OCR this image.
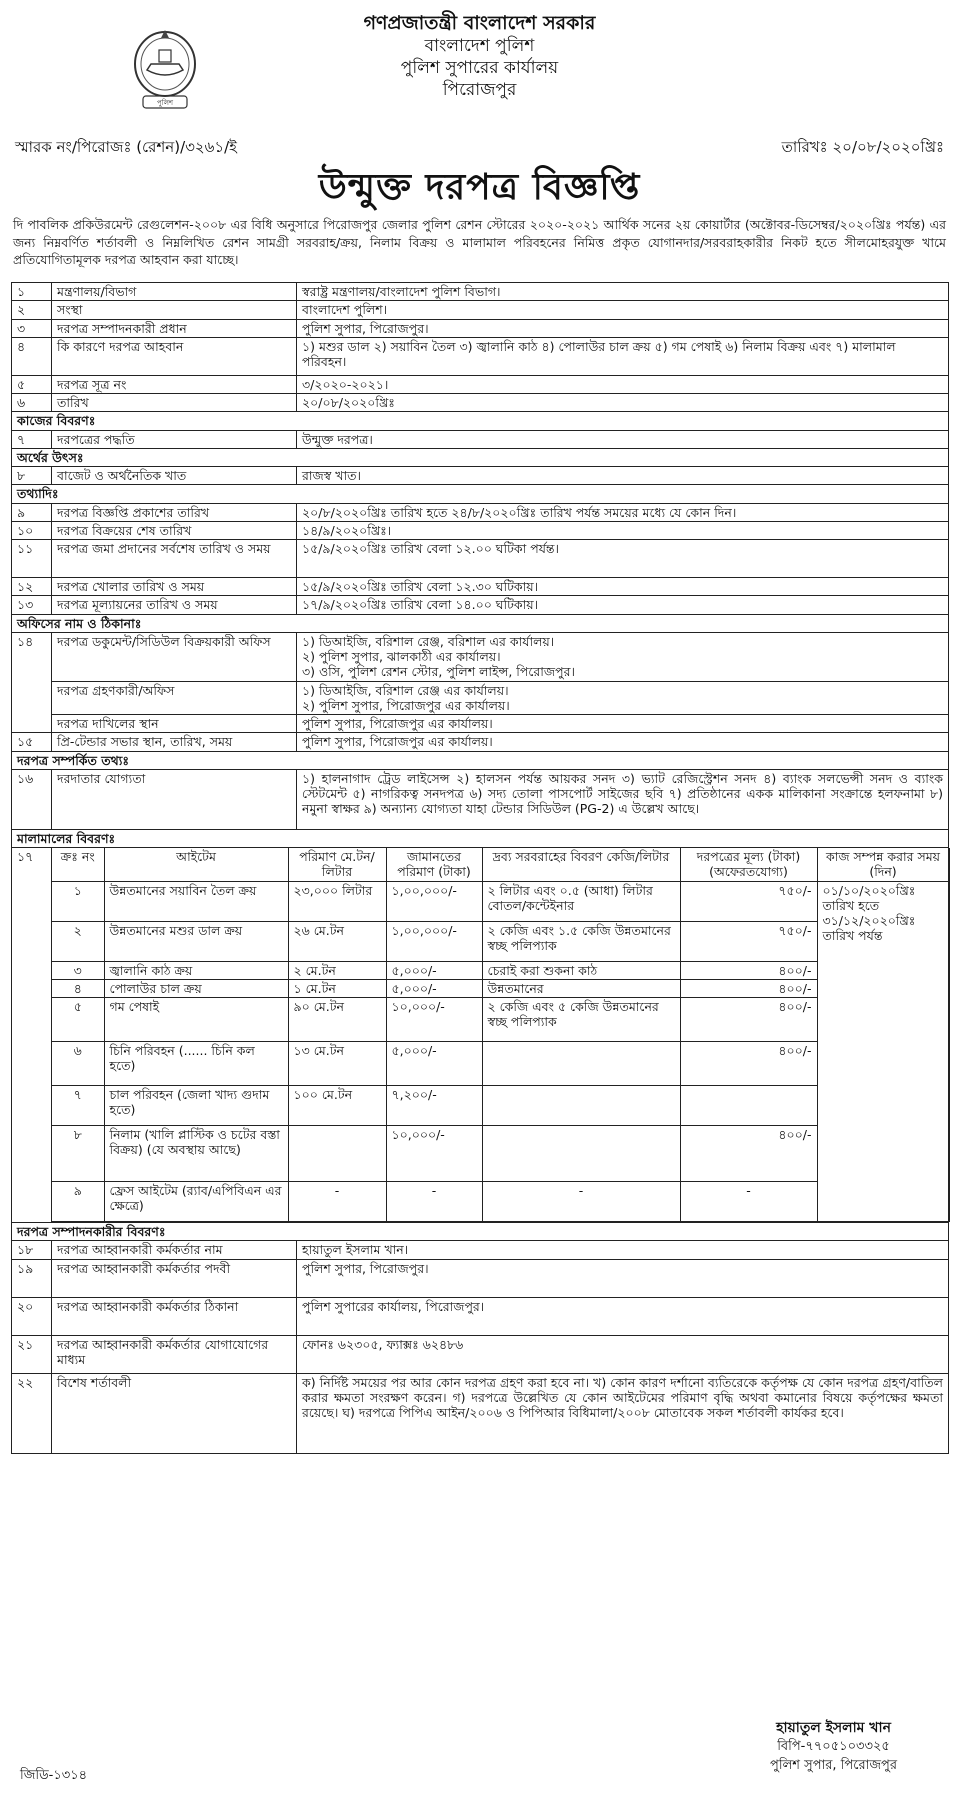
পুলিশ
গণপ্রজাতন্ত্রী বাংলাদেশ সরকার
বাংলাদেশ পুলিশ
পুলিশ সুপারের কার্যালয়
পিরোজপুর
স্মারক নং/পিরোজঃ (রেশন)/৩২৬১/ই	তারিখঃ ২০/০৮/২০২০খ্রিঃ
উন্মুক্ত দরপত্র বিজ্ঞপ্তি
দি পাবলিক প্রকিউরমেন্ট রেগুলেশন-২০০৮ এর বিধি অনুসারে পিরোজপুর জেলার পুলিশ রেশন স্টোরের ২০২০-২০২১ আর্থিক সনের ২য় কোয়ার্টার (অক্টোবর-ডিসেম্বর/২০২০খ্রিঃ পর্যন্ত) এর জন্য নিম্নবর্ণিত শর্তাবলী ও নিম্নলিখিত রেশন সামগ্রী সরবরাহ/ক্রয়, নিলাম বিক্রয় ও মালামাল পরিবহনের নিমিত্ত প্রকৃত যোগানদার/সরবরাহকারীর নিকট হতে সীলমোহরযুক্ত খামে প্রতিযোগিতামূলক দরপত্র আহবান করা যাচ্ছে।
১	মন্ত্রণালয়/বিভাগ	স্বরাষ্ট্র মন্ত্রণালয়/বাংলাদেশ পুলিশ বিভাগ।
২	সংস্থা	বাংলাদেশ পুলিশ।
৩	দরপত্র সম্পাদনকারী প্রধান	পুলিশ সুপার, পিরোজপুর।
৪	কি কারণে দরপত্র আহবান	১) মশুর ডাল ২) সয়াবিন তৈল ৩) জ্বালানি কাঠ ৪) পোলাউর চাল ক্রয় ৫) গম পেষাই ৬) নিলাম বিক্রয় এবং ৭) মালামাল পরিবহন।
৫	দরপত্র সূত্র নং	৩/২০২০-২০২১।
৬	তারিখ	২০/০৮/২০২০খ্রিঃ
কাজের বিবরণঃ
৭	দরপত্রের পদ্ধতি	উন্মুক্ত দরপত্র।
অর্থের উৎসঃ
৮	বাজেট ও অর্থনৈতিক খাত	রাজস্ব খাত।
তথ্যাদিঃ
৯	দরপত্র বিজ্ঞপ্তি প্রকাশের তারিখ	২০/৮/২০২০খ্রিঃ তারিখ হতে ২৪/৮/২০২০খ্রিঃ তারিখ পর্যন্ত সময়ের মধ্যে যে কোন দিন।
১০	দরপত্র বিক্রয়ের শেষ তারিখ	১৪/৯/২০২০খ্রিঃ।
১১	দরপত্র জমা প্রদানের সর্বশেষ তারিখ ও সময়	১৫/৯/২০২০খ্রিঃ তারিখ বেলা ১২.০০ ঘটিকা পর্যন্ত।
১২	দরপত্র খোলার তারিখ ও সময়	১৫/৯/২০২০খ্রিঃ তারিখ বেলা ১২.৩০ ঘটিকায়।
১৩	দরপত্র মূল্যায়নের তারিখ ও সময়	১৭/৯/২০২০খ্রিঃ তারিখ বেলা ১৪.০০ ঘটিকায়।
অফিসের নাম ও ঠিকানাঃ
১৪	দরপত্র ডকুমেন্ট/সিডিউল বিক্রয়কারী অফিস	১) ডিআইজি, বরিশাল রেঞ্জ, বরিশাল এর কার্যালয়।
২) পুলিশ সুপার, ঝালকাঠী এর কার্যালয়।
৩) ওসি, পুলিশ রেশন স্টোর, পুলিশ লাইন্স, পিরোজপুর।

দরপত্র গ্রহণকারী/অফিস	১) ডিআইজি, বরিশাল রেঞ্জ এর কার্যালয়।
২) পুলিশ সুপার, পিরোজপুর এর কার্যালয়।

দরপত্র দাখিলের স্থান	পুলিশ সুপার, পিরোজপুর এর কার্যালয়।
১৫	প্রি-টেন্ডার সভার স্থান, তারিখ, সময়	পুলিশ সুপার, পিরোজপুর এর কার্যালয়।
দরপত্র সম্পর্কিত তথ্যঃ
১৬	দরদাতার যোগ্যতা	১) হালনাগাদ ট্রেড লাইসেন্স ২) হালসন পর্যন্ত আয়কর সনদ ৩) ভ্যাট রেজিস্ট্রেশন সনদ ৪) ব্যাংক সলভেন্সী সনদ ও ব্যাংক স্টেটমেন্ট ৫) নাগরিকত্ব সনদপত্র ৬) সদ্য তোলা পাসপোর্ট সাইজের ছবি ৭) প্রতিষ্ঠানের একক মালিকানা সংক্রান্তে হলফনামা ৮) নমুনা স্বাক্ষর ৯) অন্যান্য যোগ্যতা যাহা টেন্ডার সিডিউল (PG-2) এ উল্লেখ আছে।
মালামালের বিবরণঃ
১৭	ক্রঃ নং	আইটেম	পরিমাণ মে.টন/লিটার	জামানতের পরিমাণ (টাকা)	দ্রব্য সরবরাহের বিবরণ কেজি/লিটার	দরপত্রের মূল্য (টাকা) (অফেরতযোগ্য)	কাজ সম্পন্ন করার সময় (দিন)
১	উন্নতমানের সয়াবিন তৈল ক্রয়	২৩,০০০ লিটার	১,০০,০০০/-	২ লিটার এবং ০.৫ (আধা) লিটার বোতল/কন্টেইনার	৭৫০/-	০১/১০/২০২০খ্রিঃ তারিখ হতে ৩১/১২/২০২০খ্রিঃ তারিখ পর্যন্ত
২	উন্নতমানের মশুর ডাল ক্রয়	২৬ মে.টন	১,০০,০০০/-	২ কেজি এবং ১.৫ কেজি উন্নতমানের স্বচ্ছ পলিপ্যাক	৭৫০/-
৩	জ্বালানি কাঠ ক্রয়	২ মে.টন	৫,০০০/-	চেরাই করা শুকনা কাঠ	৪০০/-
৪	পোলাউর চাল ক্রয়	১ মে.টন	৫,০০০/-	উন্নতমানের	৪০০/-
৫	গম পেষাই	৯০ মে.টন	১০,০০০/-	২ কেজি এবং ৫ কেজি উন্নতমানের স্বচ্ছ পলিপ্যাক	৪০০/-
৬	চিনি পরিবহন (...... চিনি কল হতে)	১৩ মে.টন	৫,০০০/-		৪০০/-
৭	চাল পরিবহন (জেলা খাদ্য গুদাম হতে)	১০০ মে.টন	৭,২০০/-		
৮	নিলাম (খালি প্লাস্টিক ও চটের বস্তা বিক্রয়) (যে অবস্থায় আছে)		১০,০০০/-		৪০০/-
৯	ফ্রেস আইটেম (র‌্যাব/এপিবিএন এর ক্ষেত্রে)	-	-	-	-

দরপত্র সম্পাদনকারীর বিবরণঃ
১৮	দরপত্র আহ্বানকারী কর্মকর্তার নাম	হায়াতুল ইসলাম খান।
১৯	দরপত্র আহ্বানকারী কর্মকর্তার পদবী	পুলিশ সুপার, পিরোজপুর।
২০	দরপত্র আহ্বানকারী কর্মকর্তার ঠিকানা	পুলিশ সুপারের কার্যালয়, পিরোজপুর।
২১	দরপত্র আহ্বানকারী কর্মকর্তার যোগাযোগের মাধ্যম	ফোনঃ ৬২৩০৫, ফ্যাক্সঃ ৬২৪৮৬
২২	বিশেষ শর্তাবলী	ক) নির্দিষ্ট সময়ের পর আর কোন দরপত্র গ্রহণ করা হবে না। খ) কোন কারণ দর্শানো ব্যতিরেকে কর্তৃপক্ষ যে কোন দরপত্র গ্রহণ/বাতিল করার ক্ষমতা সংরক্ষণ করেন। গ) দরপত্রে উল্লেখিত যে কোন আইটেমের পরিমাণ বৃদ্ধি অথবা কমানোর বিষয়ে কর্তৃপক্ষের ক্ষমতা রয়েছে। ঘ) দরপত্রে পিপিএ আইন/২০০৬ ও পিপিআর বিধিমালা/২০০৮ মোতাবেক সকল শর্তাবলী কার্যকর হবে।
হায়াতুল ইসলাম খান
বিপি-৭৭০৫১০৩৩২৫
পুলিশ সুপার, পিরোজপুর
জিডি-১৩১৪
